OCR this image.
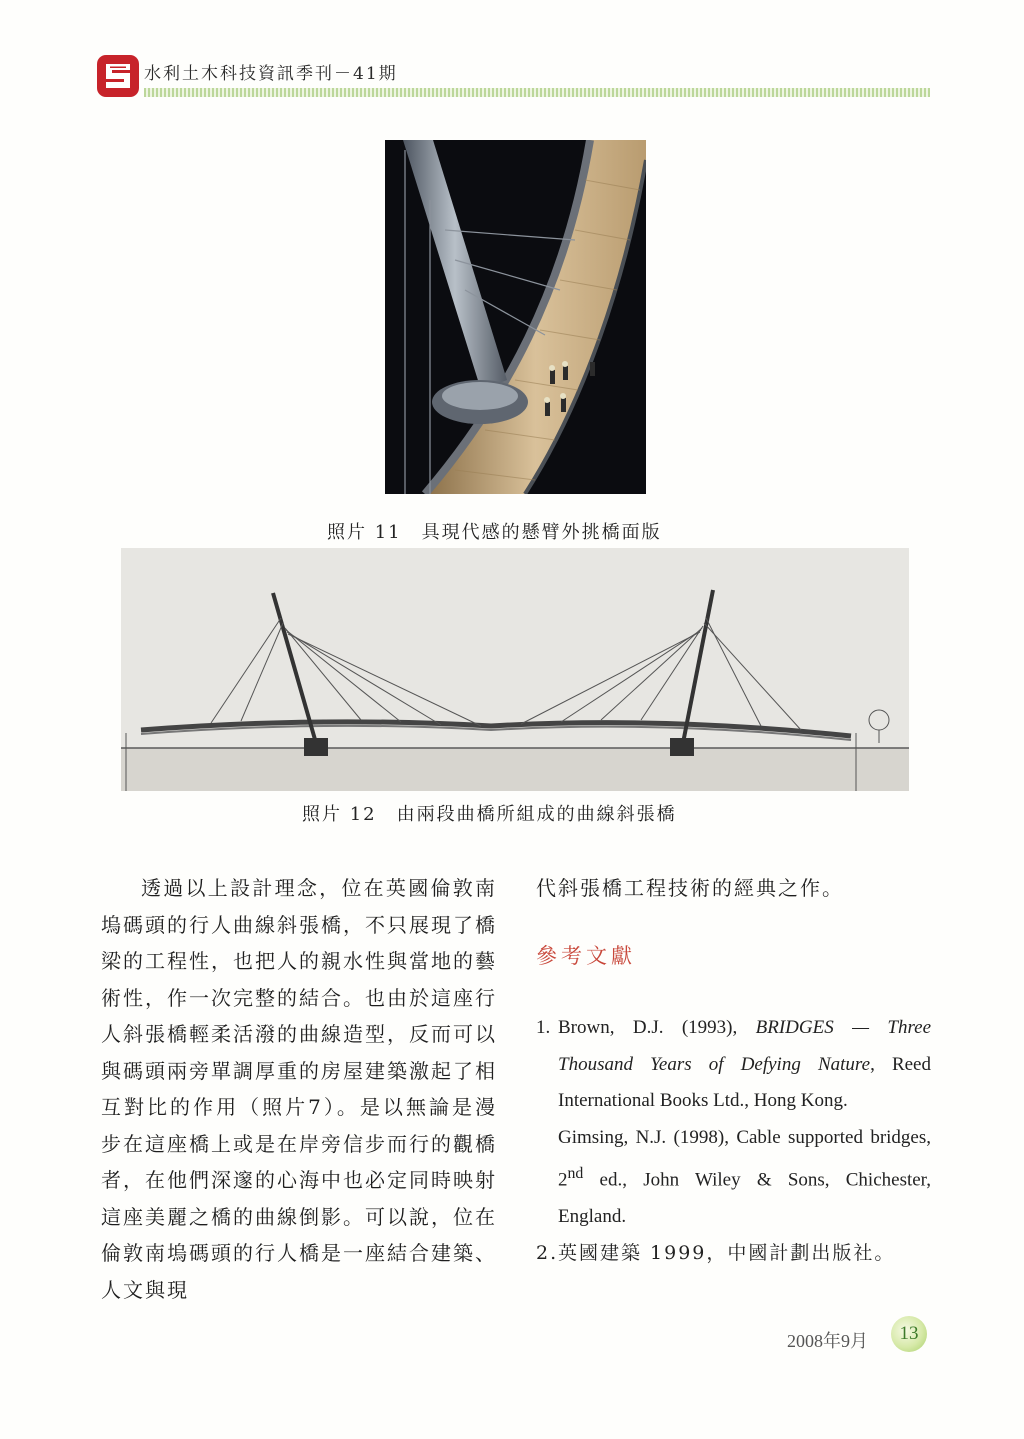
水利土木科技資訊季刊－41期
照片 11　具現代感的懸臂外挑橋面版
照片 12　由兩段曲橋所組成的曲線斜張橋

透過以上設計理念，位在英國倫敦南塢碼頭的行人曲線斜張橋，不只展現了橋梁的工程性，也把人的親水性與當地的藝術性，作一次完整的結合。也由於這座行人斜張橋輕柔活潑的曲線造型，反而可以與碼頭兩旁單調厚重的房屋建築激起了相互對比的作用（照片7）。是以無論是漫步在這座橋上或是在岸旁信步而行的觀橋者，在他們深邃的心海中也必定同時映射這座美麗之橋的曲線倒影。可以說，位在倫敦南塢碼頭的行人橋是一座結合建築、人文與現

代斜張橋工程技術的經典之作。

參考文獻

1. Brown, D.J. (1993), BRIDGES — Three Thousand Years of Defying Nature, Reed International Books Ltd., Hong Kong.
Gimsing, N.J. (1998), Cable supported bridges, 2nd ed., John Wiley & Sons, Chichester, England.

2.英國建築 1999，中國計劃出版社。

2008年9月 13
